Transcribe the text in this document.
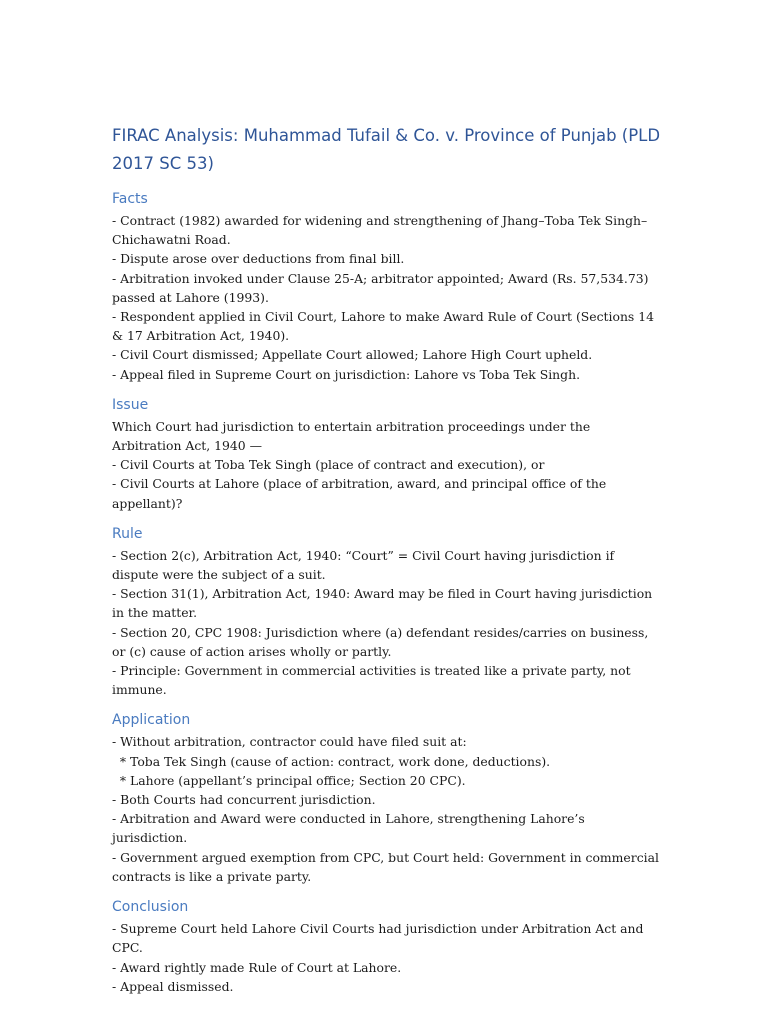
FIRAC Analysis: Muhammad Tufail & Co. v. Province of Punjab (PLD 2017 SC 53)
Facts

- Contract (1982) awarded for widening and strengthening of Jhang–Toba Tek Singh–Chichawatni Road.

- Dispute arose over deductions from final bill.

- Arbitration invoked under Clause 25-A; arbitrator appointed; Award (Rs. 57,534.73) passed at Lahore (1993).

- Respondent applied in Civil Court, Lahore to make Award Rule of Court (Sections 14 & 17 Arbitration Act, 1940).

- Civil Court dismissed; Appellate Court allowed; Lahore High Court upheld.

- Appeal filed in Supreme Court on jurisdiction: Lahore vs Toba Tek Singh.

Issue

Which Court had jurisdiction to entertain arbitration proceedings under the Arbitration Act, 1940 —

- Civil Courts at Toba Tek Singh (place of contract and execution), or

- Civil Courts at Lahore (place of arbitration, award, and principal office of the appellant)?

Rule

- Section 2(c), Arbitration Act, 1940: “Court” = Civil Court having jurisdiction if dispute were the subject of a suit.

- Section 31(1), Arbitration Act, 1940: Award may be filed in Court having jurisdiction in the matter.

- Section 20, CPC 1908: Jurisdiction where (a) defendant resides/carries on business, or (c) cause of action arises wholly or partly.

- Principle: Government in commercial activities is treated like a private party, not immune.

Application

- Without arbitration, contractor could have filed suit at:

* Toba Tek Singh (cause of action: contract, work done, deductions).

* Lahore (appellant’s principal office; Section 20 CPC).

- Both Courts had concurrent jurisdiction.

- Arbitration and Award were conducted in Lahore, strengthening Lahore’s jurisdiction.

- Government argued exemption from CPC, but Court held: Government in commercial contracts is like a private party.

Conclusion

- Supreme Court held Lahore Civil Courts had jurisdiction under Arbitration Act and CPC.

- Award rightly made Rule of Court at Lahore.

- Appeal dismissed.
